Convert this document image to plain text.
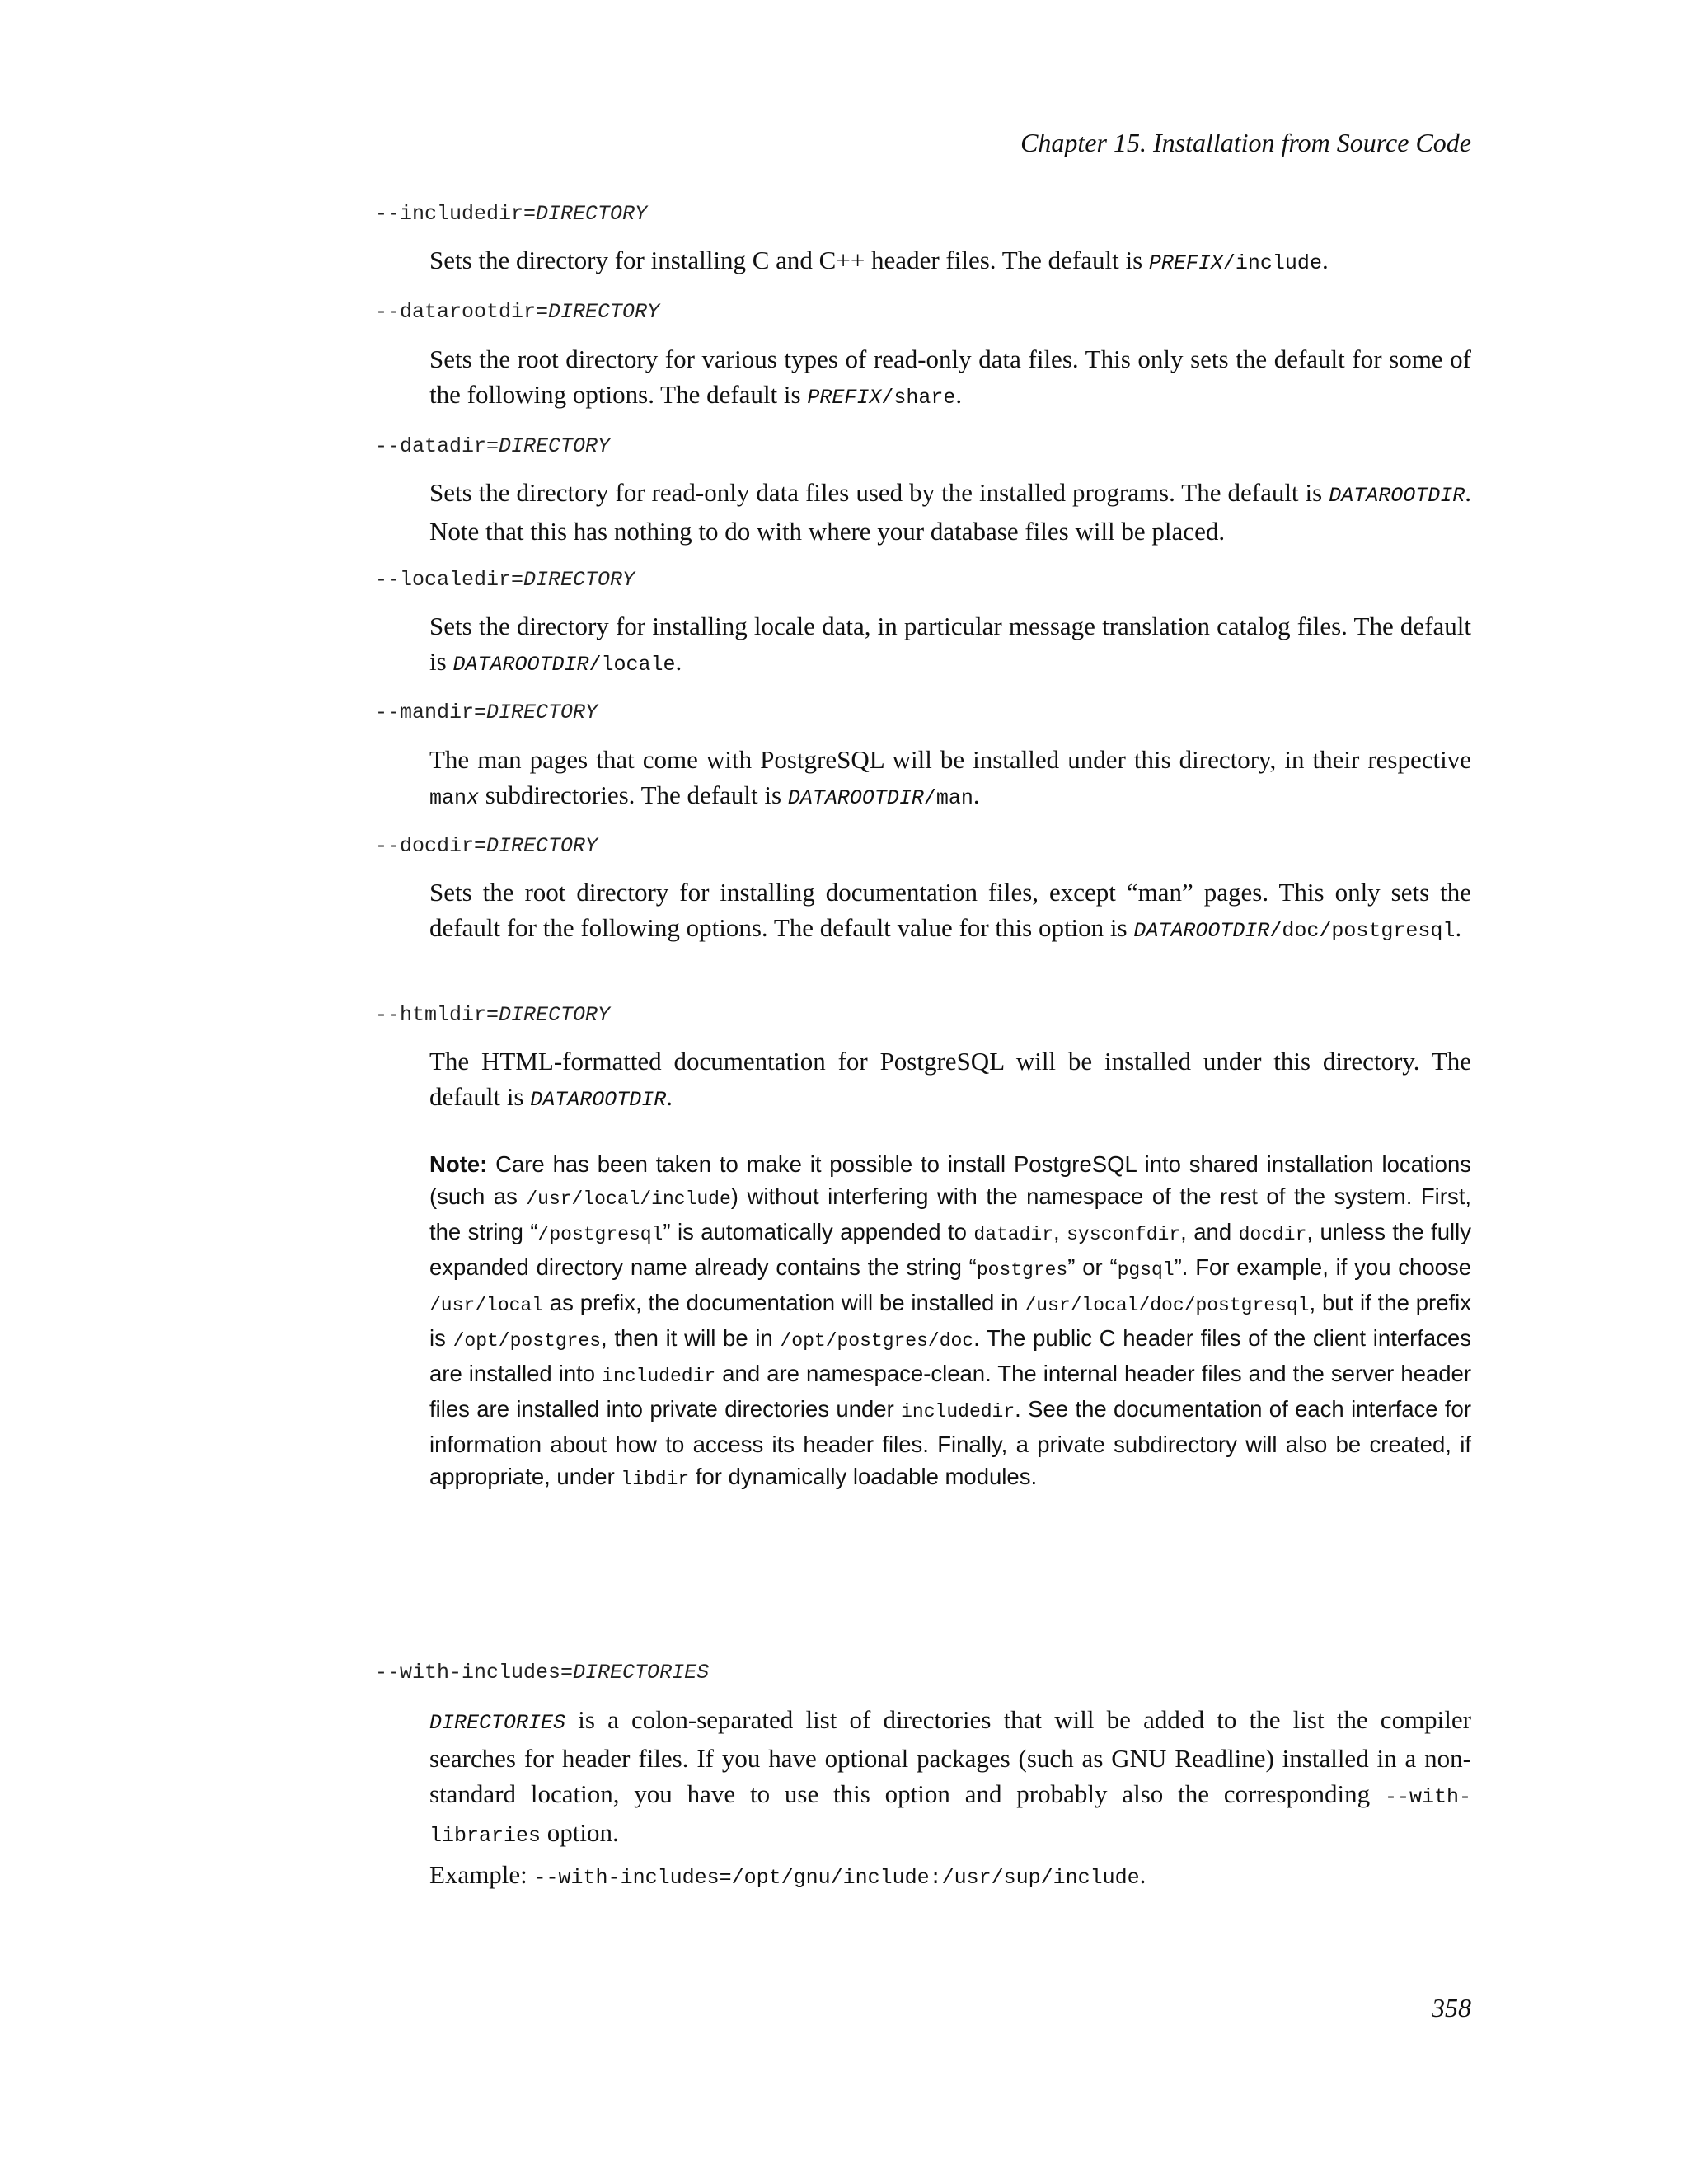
Chapter 15. Installation from Source Code
--includedir=DIRECTORY
Sets the directory for installing C and C++ header files. The default is PREFIX/include.
--datarootdir=DIRECTORY
Sets the root directory for various types of read-only data files. This only sets the default for some of the following options. The default is PREFIX/share.
--datadir=DIRECTORY
Sets the directory for read-only data files used by the installed programs. The default is DATAROOTDIR. Note that this has nothing to do with where your database files will be placed.
--localedir=DIRECTORY
Sets the directory for installing locale data, in particular message translation catalog files. The default is DATAROOTDIR/locale.
--mandir=DIRECTORY
The man pages that come with PostgreSQL will be installed under this directory, in their respective manx subdirectories. The default is DATAROOTDIR/man.
--docdir=DIRECTORY
Sets the root directory for installing documentation files, except “man” pages. This only sets the default for the following options. The default value for this option is DATAROOTDIR/doc/postgresql.
--htmldir=DIRECTORY
The HTML-formatted documentation for PostgreSQL will be installed under this directory. The default is DATAROOTDIR.
Note: Care has been taken to make it possible to install PostgreSQL into shared installation locations (such as /usr/local/include) without interfering with the namespace of the rest of the system. First, the string “/postgresql” is automatically appended to datadir, sysconfdir, and docdir, unless the fully expanded directory name already contains the string “postgres” or “pgsql”. For example, if you choose /usr/local as prefix, the documentation will be installed in /usr/local/doc/postgresql, but if the prefix is /opt/postgres, then it will be in /opt/postgres/doc. The public C header files of the client interfaces are installed into includedir and are namespace-clean. The internal header files and the server header files are installed into private directories under includedir. See the documentation of each interface for information about how to access its header files. Finally, a private subdirectory will also be created, if appropriate, under libdir for dynamically loadable modules.
--with-includes=DIRECTORIES
DIRECTORIES is a colon-separated list of directories that will be added to the list the compiler searches for header files. If you have optional packages (such as GNU Readline) installed in a non-standard location, you have to use this option and probably also the corresponding --with-libraries option.
Example: --with-includes=/opt/gnu/include:/usr/sup/include.
358
